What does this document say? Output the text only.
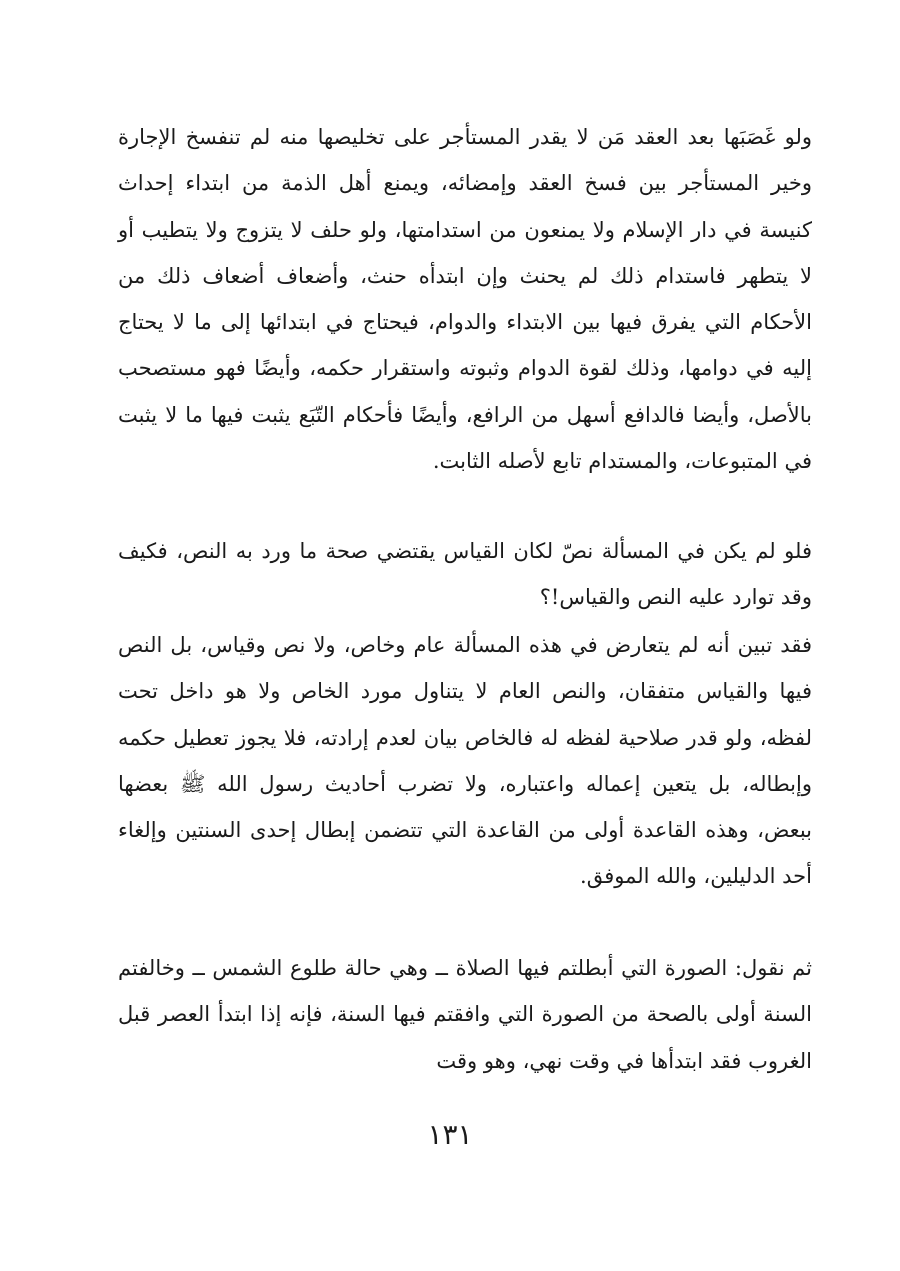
ولو غَصَبَها بعد العقد مَن لا يقدر المستأجر على تخليصها منه لم تنفسخ الإجارة وخير المستأجر بين فسخ العقد وإمضائه، ويمنع أهل الذمة من ابتداء إحداث كنيسة في دار الإسلام ولا يمنعون من استدامتها، ولو حلف لا يتزوج ولا يتطيب أو لا يتطهر فاستدام ذلك لم يحنث وإن ابتدأه حنث، وأضعاف أضعاف ذلك من الأحكام التي يفرق فيها بين الابتداء والدوام، فيحتاج في ابتدائها إلى ما لا يحتاج إليه في دوامها، وذلك لقوة الدوام وثبوته واستقرار حكمه، وأيضًا فهو مستصحب بالأصل، وأيضا فالدافع أسهل من الرافع، وأيضًا فأحكام التّبَع يثبت فيها ما لا يثبت في المتبوعات، والمستدام تابع لأصله الثابت.

فلو لم يكن في المسألة نصّ لكان القياس يقتضي صحة ما ورد به النص، فكيف وقد توارد عليه النص والقياس!؟

فقد تبين أنه لم يتعارض في هذه المسألة عام وخاص، ولا نص وقياس، بل النص فيها والقياس متفقان، والنص العام لا يتناول مورد الخاص ولا هو داخل تحت لفظه، ولو قدر صلاحية لفظه له فالخاص بيان لعدم إرادته، فلا يجوز تعطيل حكمه وإبطاله، بل يتعين إعماله واعتباره، ولا تضرب أحاديث رسول الله ﷺ بعضها ببعض، وهذه القاعدة أولى من القاعدة التي تتضمن إبطال إحدى السنتين وإلغاء أحد الدليلين، والله الموفق.

ثم نقول: الصورة التي أبطلتم فيها الصلاة ــ وهي حالة طلوع الشمس ــ وخالفتم السنة أولى بالصحة من الصورة التي وافقتم فيها السنة، فإنه إذا ابتدأ العصر قبل الغروب فقد ابتدأها في وقت نهي، وهو وقت

١٣١
